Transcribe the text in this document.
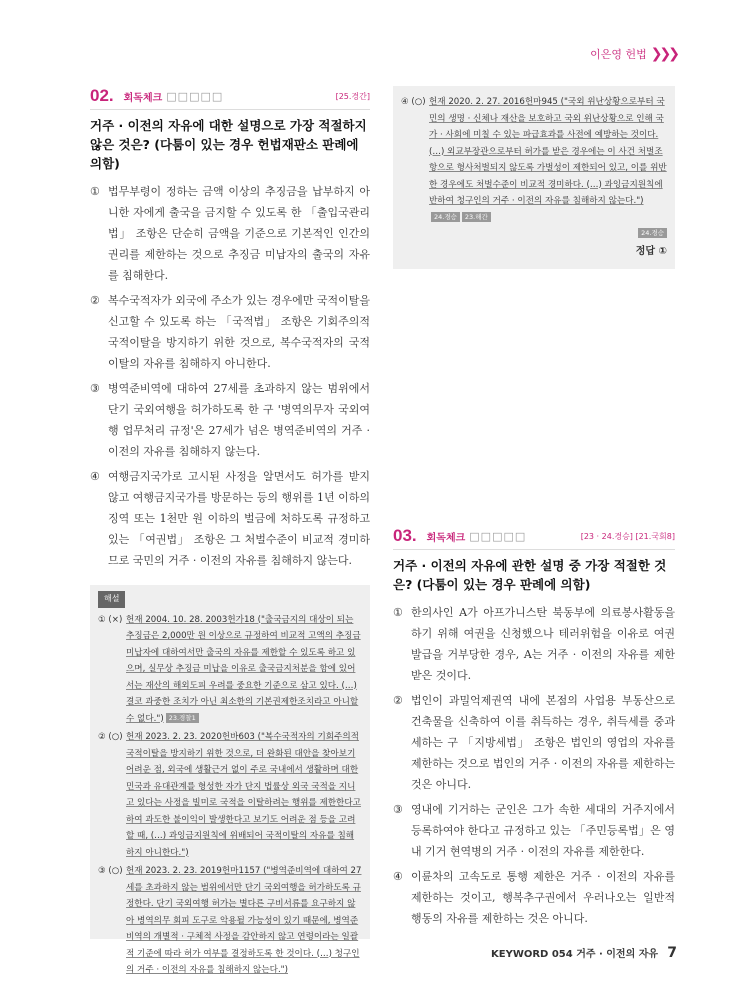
이은영 헌법 ❯❯❯
02. 회독체크 □□□□□	[25.경간]
거주 · 이전의 자유에 대한 설명으로 가장 적절하지 않은 것은? (다툼이 있는 경우 헌법재판소 판례에 의함)
① 법무부령이 정하는 금액 이상의 추징금을 납부하지 아니한 자에게 출국을 금지할 수 있도록 한 「출입국관리법」 조항은 단순히 금액을 기준으로 기본적인 인간의 권리를 제한하는 것으로 추징금 미납자의 출국의 자유를 침해한다.
② 복수국적자가 외국에 주소가 있는 경우에만 국적이탈을 신고할 수 있도록 하는 「국적법」 조항은 기회주의적 국적이탈을 방지하기 위한 것으로, 복수국적자의 국적이탈의 자유를 침해하지 아니한다.
③ 병역준비역에 대하여 27세를 초과하지 않는 범위에서 단기 국외여행을 허가하도록 한 구 '병역의무자 국외여행 업무처리 규정'은 27세가 넘은 병역준비역의 거주 · 이전의 자유를 침해하지 않는다.
④ 여행금지국가로 고시된 사정을 알면서도 허가를 받지 않고 여행금지국가를 방문하는 등의 행위를 1년 이하의 징역 또는 1천만 원 이하의 벌금에 처하도록 규정하고 있는 「여권법」 조항은 그 처벌수준이 비교적 경미하므로 국민의 거주 · 이전의 자유를 침해하지 않는다.
해설
① (×) 헌재 2004. 10. 28. 2003헌가18 ("출국금지의 대상이 되는 추징금은 2,000만 원 이상으로 규정하여 비교적 고액의 추징금 미납자에 대하여서만 출국의 자유를 제한할 수 있도록 하고 있으며, 실무상 추징금 미납을 이유로 출국금지처분을 함에 있어서는 재산의 해외도피 우려를 중요한 기준으로 삼고 있다. (…) 결코 과중한 조치가 아닌 최소한의 기본권제한조치라고 아니할 수 없다.") 23.경찰1
② (○) 헌재 2023. 2. 23. 2020헌바603 ("복수국적자의 기회주의적 국적이탈을 방지하기 위한 것으로, 더 완화된 대안을 찾아보기 어려운 점, 외국에 생활근거 없이 주로 국내에서 생활하며 대한민국과 유대관계를 형성한 자가 단지 법률상 외국 국적을 지니고 있다는 사정을 빌미로 국적을 이탈하려는 행위를 제한한다고 하여 과도한 불이익이 발생한다고 보기도 어려운 점 등을 고려할 때, (…) 과잉금지원칙에 위배되어 국적이탈의 자유를 침해하지 아니한다.")
③ (○) 헌재 2023. 2. 23. 2019헌마1157 ("병역준비역에 대하여 27세를 초과하지 않는 범위에서만 단기 국외여행을 허가하도록 규정한다. 단기 국외여행 허가는 별다른 구비서류를 요구하지 않아 병역의무 회피 도구로 악용될 가능성이 있기 때문에, 병역준비역의 개별적 · 구체적 사정을 감안하지 않고 연령이라는 일괄적 기준에 따라 허가 여부를 결정하도록 한 것이다. (…) 청구인의 거주 · 이전의 자유를 침해하지 않는다.")
④ (○) 헌재 2020. 2. 27. 2016헌마945 ("국외 위난상황으로부터 국민의 생명 · 신체나 재산을 보호하고 국외 위난상황으로 인해 국가 · 사회에 미칠 수 있는 파급효과를 사전에 예방하는 것이다. (…) 외교부장관으로부터 허가를 받은 경우에는 이 사건 처벌조항으로 형사처벌되지 않도록 가벌성이 제한되어 있고, 이를 위반한 경우에도 처벌수준이 비교적 경미하다. (…) 과잉금지원칙에 반하여 청구인의 거주 · 이전의 자유를 침해하지 않는다.")24.경승 23.해간
24.경승
정답 ①
03. 회독체크 □□□□□	[23 · 24.경승] [21.국회8]
거주 · 이전의 자유에 관한 설명 중 가장 적절한 것은? (다툼이 있는 경우 판례에 의함)
① 한의사인 A가 아프가니스탄 북동부에 의료봉사활동을 하기 위해 여권을 신청했으나 테러위험을 이유로 여권 발급을 거부당한 경우, A는 거주 · 이전의 자유를 제한받은 것이다.
② 법인이 과밀억제권역 내에 본점의 사업용 부동산으로 건축물을 신축하여 이를 취득하는 경우, 취득세를 중과세하는 구 「지방세법」 조항은 법인의 영업의 자유를 제한하는 것으로 법인의 거주 · 이전의 자유를 제한하는 것은 아니다.
③ 영내에 기거하는 군인은 그가 속한 세대의 거주지에서 등록하여야 한다고 규정하고 있는 「주민등록법」은 영내 기거 현역병의 거주 · 이전의 자유를 제한한다.
④ 이륜차의 고속도로 통행 제한은 거주 · 이전의 자유를 제한하는 것이고, 행복추구권에서 우러나오는 일반적 행동의 자유를 제한하는 것은 아니다.
KEYWORD 054 거주 · 이전의 자유 7
